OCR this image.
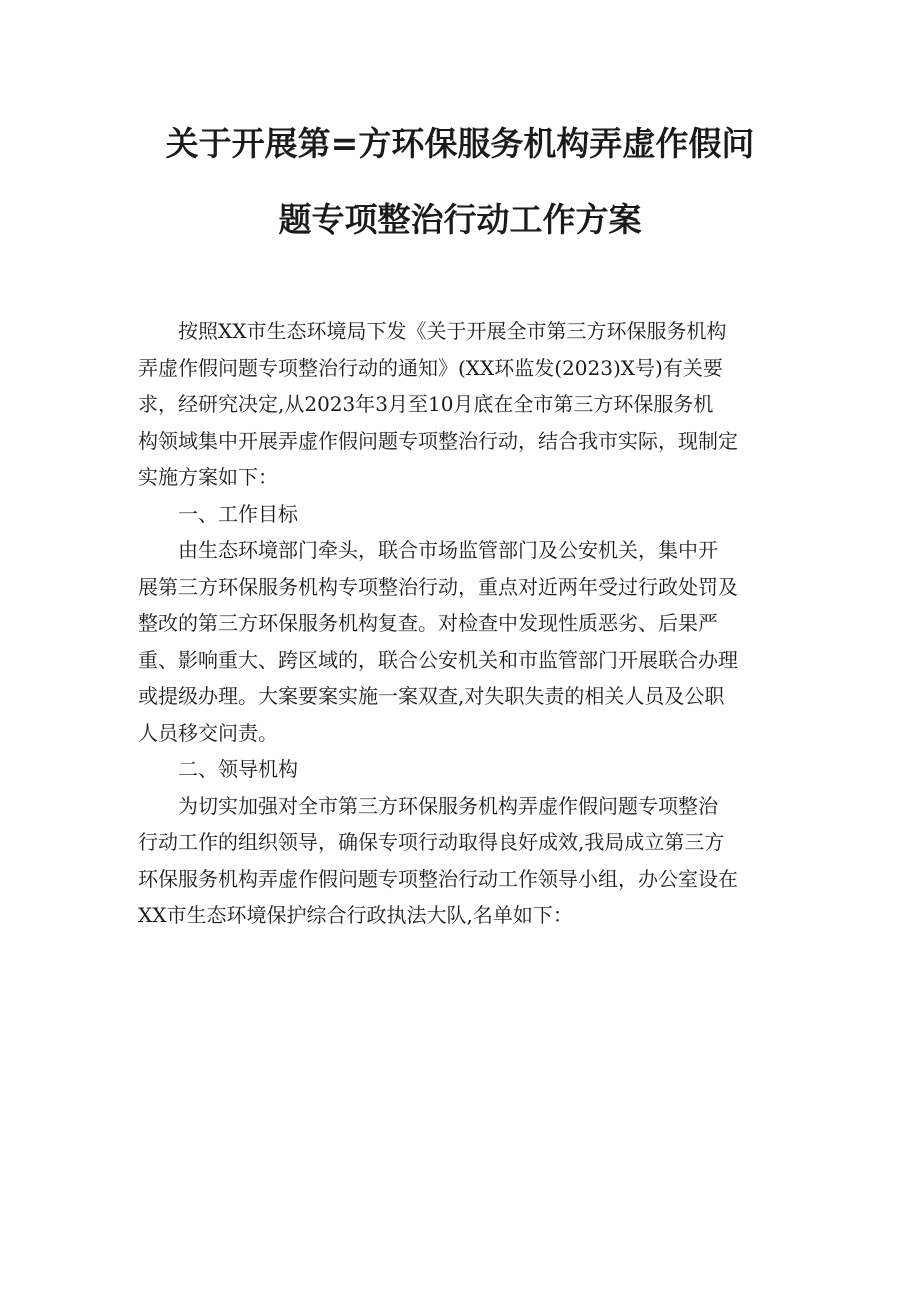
关于开展第=方环保服务机构弄虚作假问
题专项整治行动工作方案
按照XX市生态环境局下发《关于开展全市第三方环保服务机构
弄虚作假问题专项整治行动的通知》(XX环监发(2023)X号)有关要
求，经研究决定,从2023年3月至10月底在全市第三方环保服务机
构领域集中开展弄虚作假问题专项整治行动，结合我市实际，现制定
实施方案如下：
一、工作目标
由生态环境部门牵头，联合市场监管部门及公安机关，集中开
展第三方环保服务机构专项整治行动，重点对近两年受过行政处罚及
整改的第三方环保服务机构复查。对检查中发现性质恶劣、后果严
重、影响重大、跨区域的，联合公安机关和市监管部门开展联合办理
或提级办理。大案要案实施一案双查,对失职失责的相关人员及公职
人员移交问责。
二、领导机构
为切实加强对全市第三方环保服务机构弄虚作假问题专项整治
行动工作的组织领导，确保专项行动取得良好成效,我局成立第三方
环保服务机构弄虚作假问题专项整治行动工作领导小组，办公室设在
XX市生态环境保护综合行政执法大队,名单如下：
